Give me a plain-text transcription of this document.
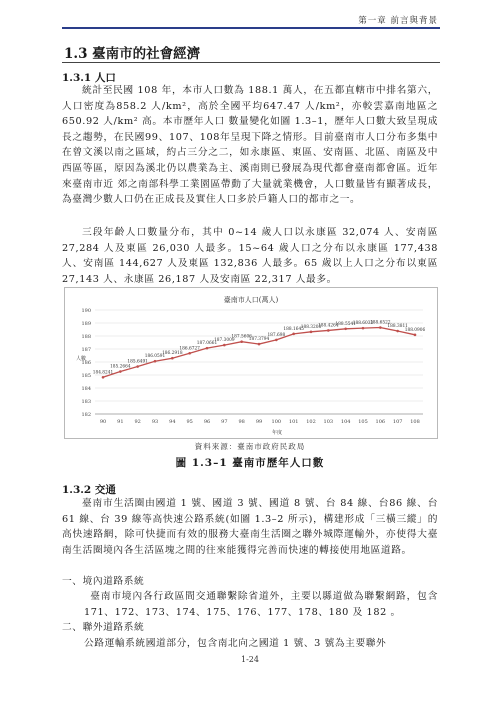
第一章 前言與背景
1.3 臺南市的社會經濟
1.3.1 人口
統計至民國 108 年，本市人口數為 188.1 萬人，在五都直轄市中排名第六，人口密度為858.2 人/km²，高於全國平均647.47 人/km²，亦較雲嘉南地區之 650.92 人/km² 高。本市歷年人口 數量變化如圖 1.3–1，歷年人口數大致呈現成長之趨勢，在民國99、107、108年呈現下降之情形。目前臺南市人口分布多集中在曾文溪以南之區域，約占三分之二，如永康區、東區、安南區、北區、南區及中西區等區，原因為溪北仍以農業為主、溪南則已發展為現代都會臺南都會區。近年來臺南市近 郊之南部科學工業園區帶動了大量就業機會，人口數量皆有顯著成長， 為臺灣少數人口仍在正成長及實住人口多於戶籍人口的都市之一。
三段年齡人口數量分布，其中 0~14 歲人口以永康區 32,074 人、安南區 27,284 人及東區 26,030 人最多。15~64 歲人口之分布以永康區 177,438 人、安南區 144,627 人及東區 132,836 人最多。65 歲以上人口之分布以東區27,143 人、永康區 26,187 人及安南區 22,317 人最多。
臺南市人口(萬人)
人數
年度
182
183
184
185
186
187
188
189
190
90 91 92 93 94 95 96 97 98 99 100 101 102 103 104 105 106 107 108
184.8241
185.2664
185.6491
186.0591
186.2918
186.6727
187.0661
187.3009
187.5606
187.3794
187.698
188.1645
188.3208
188.4264
188.5541
188.6033
188.6522
188.3811
188.0906
資料來源：臺南市政府民政局
圖 1.3–1 臺南市歷年人口數
1.3.2 交通
臺南市生活圈由國道 1 號、國道 3 號、國道 8 號、台 84 線、台86 線、台 61 線、台 39 線等高快速公路系統(如圖 1.3–2 所示)，構建形成「三橫三縱」的高快速路網，除可快捷而有效的服務大臺南生活圈之聯外城際運輸外，亦使得大臺南生活圈境內各生活區塊之間的往來能獲得完善而快速的轉接使用地區道路。
一、境內道路系統
臺南市境內各行政區間交通聯繫除省道外，主要以縣道做為聯繫網路，包含 171、172、173、174、175、176、177、178、180 及 182 。
二、聯外道路系統
公路運輸系統國道部分，包含南北向之國道 1 號、3 號為主要聯外
1-24
